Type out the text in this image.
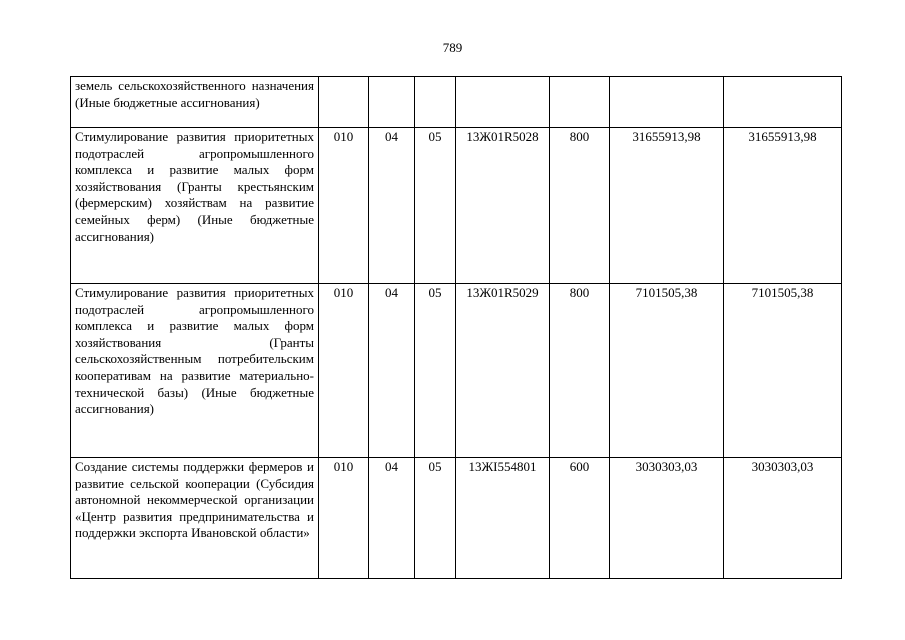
789
земель сельскохозяйственного назначения (Иные бюджетные ассигнования)							
Стимулирование развития приоритетных подотраслей агропромышленного комплекса и развитие малых форм хозяйствования (Гранты крестьянским (фермерским) хозяйствам на развитие семейных ферм) (Иные бюджетные ассигнования)	010	04	05	13Ж01R5028	800	31655913,98	31655913,98
Стимулирование развития приоритетных подотраслей агропромышленного комплекса и развитие малых форм хозяйствования (Гранты сельскохозяйственным потребительским кооперативам на развитие материально-технической базы) (Иные бюджетные ассигнования)	010	04	05	13Ж01R5029	800	7101505,38	7101505,38
Создание системы поддержки фермеров и развитие сельской кооперации (Субсидия автономной некоммерческой организации «Центр развития предпринимательства и поддержки экспорта Ивановской области»	010	04	05	13ЖI554801	600	3030303,03	3030303,03
